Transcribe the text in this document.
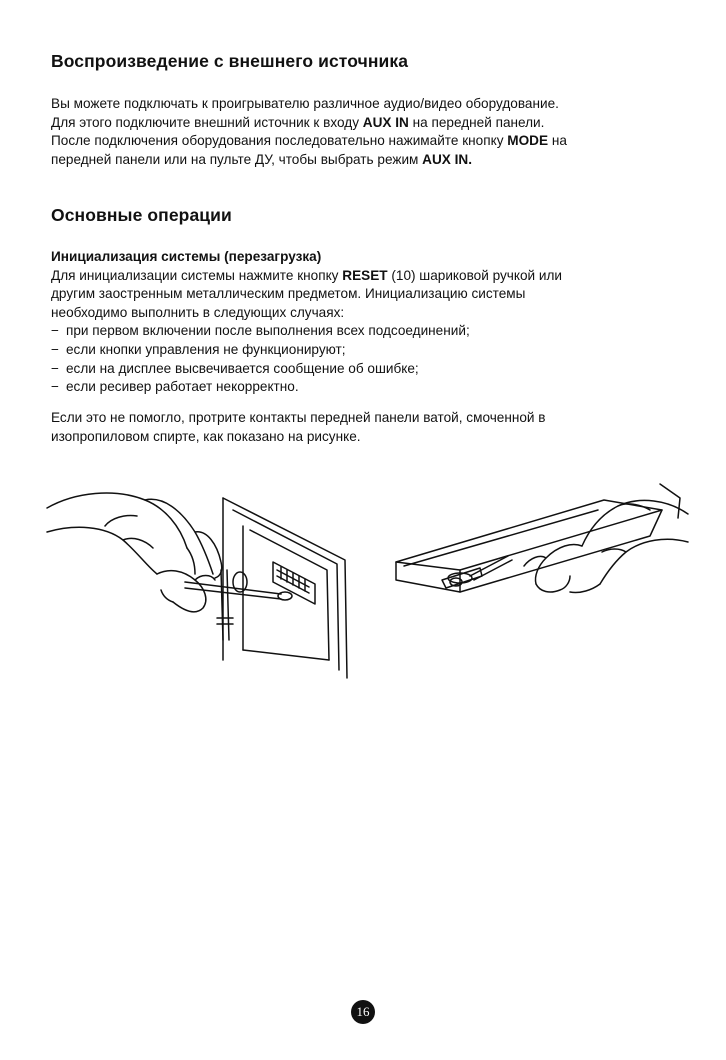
Воспроизведение с внешнего источника
Вы можете подключать к проигрывателю различное аудио/видео оборудование.
Для этого подключите внешний источник к входу AUX IN на передней панели.
После подключения оборудования последовательно нажимайте кнопку MODE на
передней панели или на пульте ДУ, чтобы выбрать режим AUX IN.
Основные операции
Инициализация системы (перезагрузка)
Для инициализации системы нажмите кнопку RESET (10) шариковой ручкой или
другим заостренным металлическим предметом. Инициализацию системы
необходимо выполнить в следующих случаях:
− при первом включении после выполнения всех подсоединений;
− если кнопки управления не функционируют;
− если на дисплее высвечивается сообщение об ошибке;
− если ресивер работает некорректно.
Если это не помогло, протрите контакты передней панели ватой, смоченной в
изопропиловом спирте, как показано на рисунке.
16
